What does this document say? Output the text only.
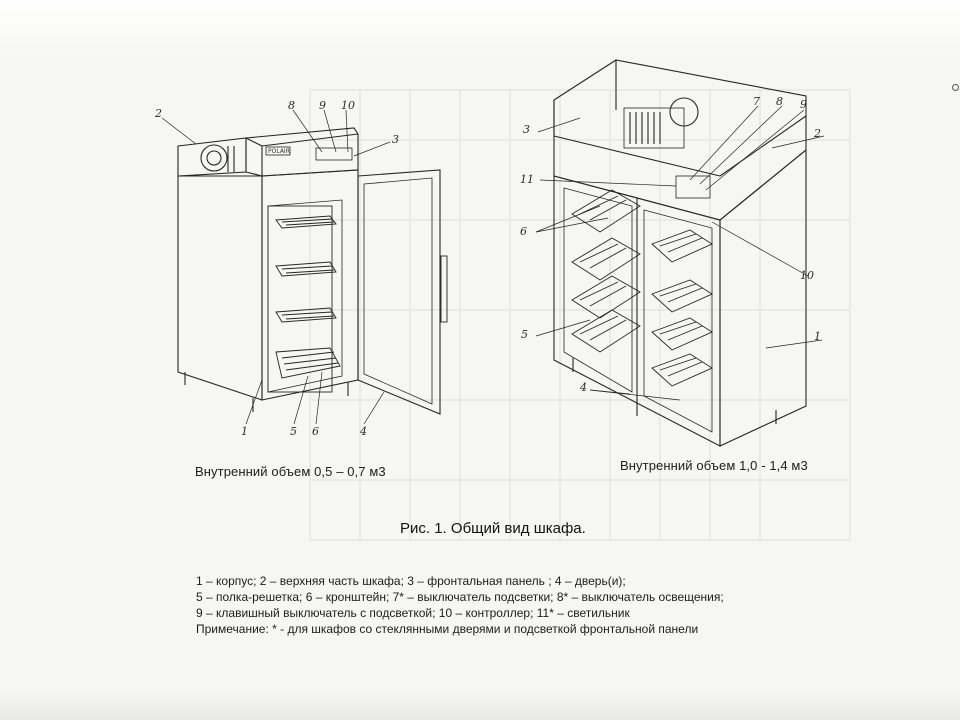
POLAIR
2
8 9 10
3
1	5 6	4
3
7 8 9
2
11
6
10
5	1
4
Внутренний объем 0,5 – 0,7 м3	Внутренний объем 1,0 - 1,4 м3
Рис. 1. Общий вид шкафа.
1 – корпус; 2 – верхняя часть шкафа; 3 – фронтальная панель ; 4 – дверь(и);
5 – полка-решетка; 6 – кронштейн; 7* – выключатель подсветки; 8* – выключатель освещения;
9 – клавишный выключатель с подсветкой; 10 – контроллер; 11* – светильник
Примечание: * - для шкафов со стеклянными дверями и подсветкой фронтальной панели
